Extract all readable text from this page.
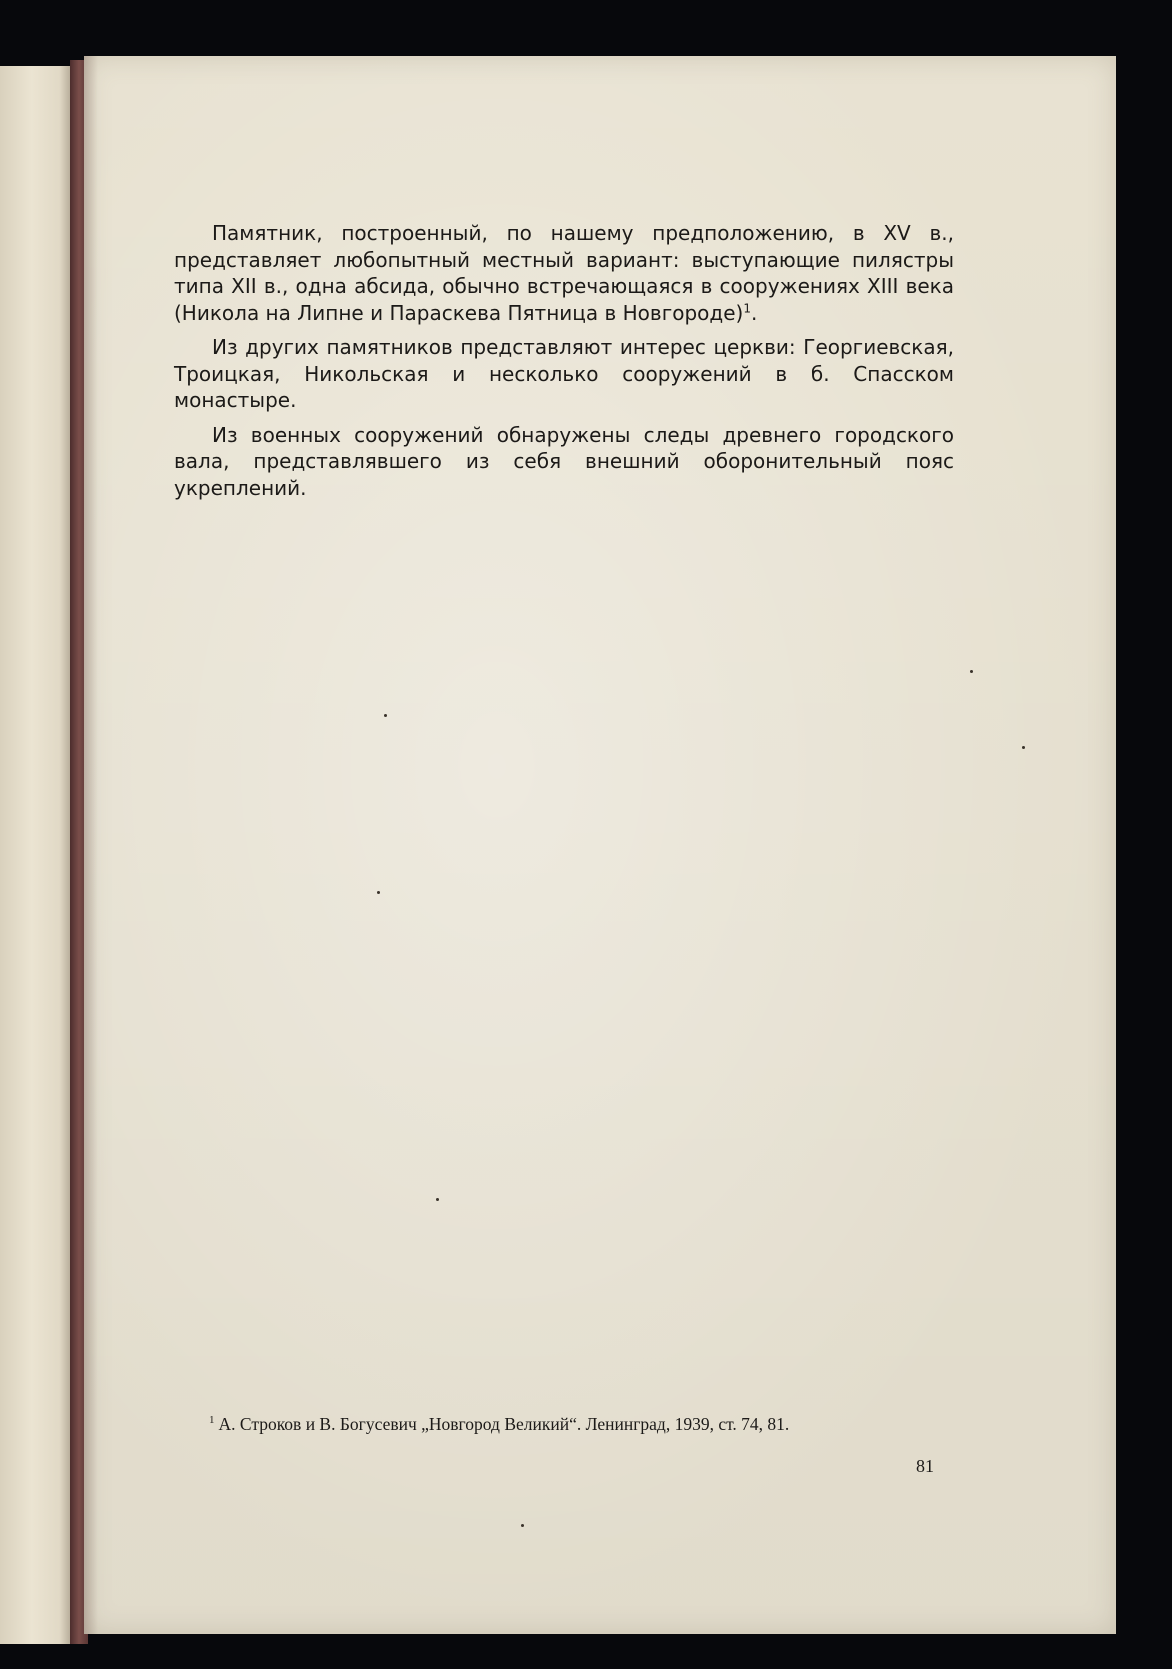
Памятник, построенный, по нашему предположению, в XV в., представляет любопытный местный вариант: выступающие пилястры типа XII в., одна абсида, обычно встречающаяся в сооружениях XIII века (Никола на Липне и Параскева Пятница в Новгороде)$^1$.

Из других памятников представляют интерес церкви: Георгиевская, Троицкая, Никольская и несколько сооружений в б. Спасском монастыре.

Из военных сооружений обнаружены следы древнего городского вала, представлявшего из себя внешний оборонительный пояс укреплений.

$^1$ А. Строков и В. Богусевич „Новгород Великий“. Ленинград, 1939, ст. 74, 81.
81
